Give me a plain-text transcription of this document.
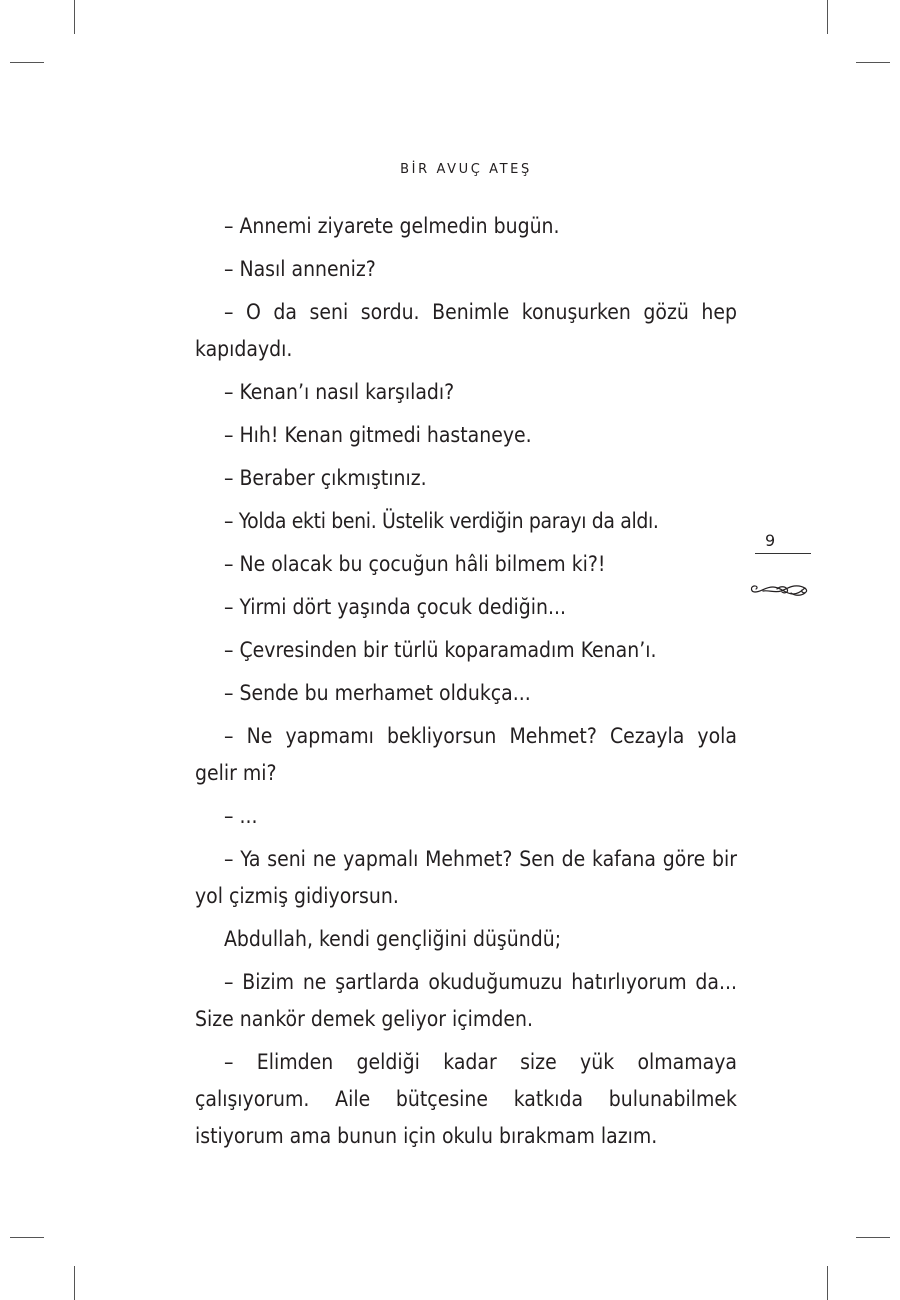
BİR AVUÇ ATEŞ

– Annemi ziyarete gelmedin bugün.

– Nasıl anneniz?

– O da seni sordu. Benimle konuşurken gözü hep kapıdaydı.

– Kenan’ı nasıl karşıladı?

– Hıh! Kenan gitmedi hastaneye.

– Beraber çıkmıştınız.

– Yolda ekti beni. Üstelik verdiğin parayı da aldı.

– Ne olacak bu çocuğun hâli bilmem ki?!

– Yirmi dört yaşında çocuk dediğin...

– Çevresinden bir türlü koparamadım Kenan’ı.

– Sende bu merhamet oldukça...

– Ne yapmamı bekliyorsun Mehmet? Cezayla yola gelir mi?

– ...

– Ya seni ne yapmalı Mehmet? Sen de kafana göre bir yol çizmiş gidiyorsun.

Abdullah, kendi gençliğini düşündü;

– Bizim ne şartlarda okuduğumuzu hatırlıyorum da... Size nankör demek geliyor içimden.

– Elimden geldiği kadar size yük olmamaya çalışıyorum. Aile bütçesine katkıda bulunabilmek istiyorum ama bunun için okulu bırakmam lazım.

9
